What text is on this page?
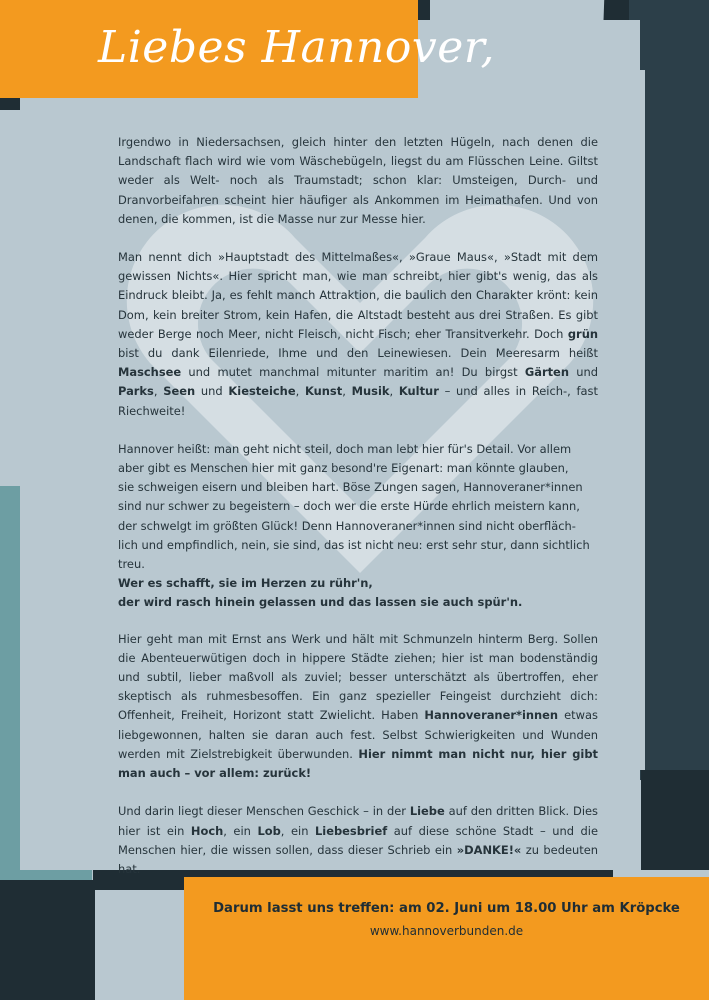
Liebes Hannover,

Irgendwo in Niedersachsen, gleich hinter den letzten Hügeln, nach denen die Landschaft flach wird wie vom Wäschebügeln, liegst du am Flüsschen Leine. Giltst weder als Welt- noch als Traumstadt; schon klar: Umsteigen, Durch- und Dranvorbeifahren scheint hier häufiger als Ankommen im Heimathafen. Und von denen, die kommen, ist die Masse nur zur Messe hier.

Man nennt dich »Hauptstadt des Mittelmaßes«, »Graue Maus«, »Stadt mit dem gewissen Nichts«. Hier spricht man, wie man schreibt, hier gibt's wenig, das als Eindruck bleibt. Ja, es fehlt manch Attraktion, die baulich den Charakter krönt: kein Dom, kein breiter Strom, kein Hafen, die Altstadt besteht aus drei Straßen. Es gibt weder Berge noch Meer, nicht Fleisch, nicht Fisch; eher Transitverkehr. Doch grün bist du dank Eilenriede, Ihme und den Leinewiesen. Dein Meeresarm heißt Maschsee und mutet manchmal mitunter maritim an! Du birgst Gärten und Parks, Seen und Kiesteiche, Kunst, Musik, Kultur – und alles in Reich-, fast Riechweite!

Hannover heißt: man geht nicht steil, doch man lebt hier für's Detail. Vor allem
aber gibt es Menschen hier mit ganz besond're Eigenart: man könnte glauben,
sie schweigen eisern und bleiben hart. Böse Zungen sagen, Hannoveraner*innen
sind nur schwer zu begeistern – doch wer die erste Hürde ehrlich meistern kann,
der schwelgt im größten Glück! Denn Hannoveraner*innen sind nicht oberfläch-
lich und empfindlich, nein, sie sind, das ist nicht neu: erst sehr stur, dann sichtlich
treu.

Wer es schafft, sie im Herzen zu rühr'n,
der wird rasch hinein gelassen und das lassen sie auch spür'n.

Hier geht man mit Ernst ans Werk und hält mit Schmunzeln hinterm Berg. Sollen die Abenteuerwütigen doch in hippere Städte ziehen; hier ist man bodenständig und subtil, lieber maßvoll als zuviel; besser unterschätzt als übertroffen, eher skeptisch als ruhmesbesoffen. Ein ganz spezieller Feingeist durchzieht dich: Offenheit, Freiheit, Horizont statt Zwielicht. Haben Hannoveraner*innen etwas liebgewonnen, halten sie daran auch fest. Selbst Schwierigkeiten und Wunden werden mit Zielstrebigkeit überwunden. Hier nimmt man nicht nur, hier gibt man auch – vor allem: zurück!

Und darin liegt dieser Menschen Geschick – in der Liebe auf den dritten Blick. Dies hier ist ein Hoch, ein Lob, ein Liebesbrief auf diese schöne Stadt – und die Menschen hier, die wissen sollen, dass dieser Schrieb ein »DANKE!« zu bedeuten hat.

Darum lasst uns treffen: am 02. Juni um 18.00 Uhr am Kröpcke
www.hannoverbunden.de
